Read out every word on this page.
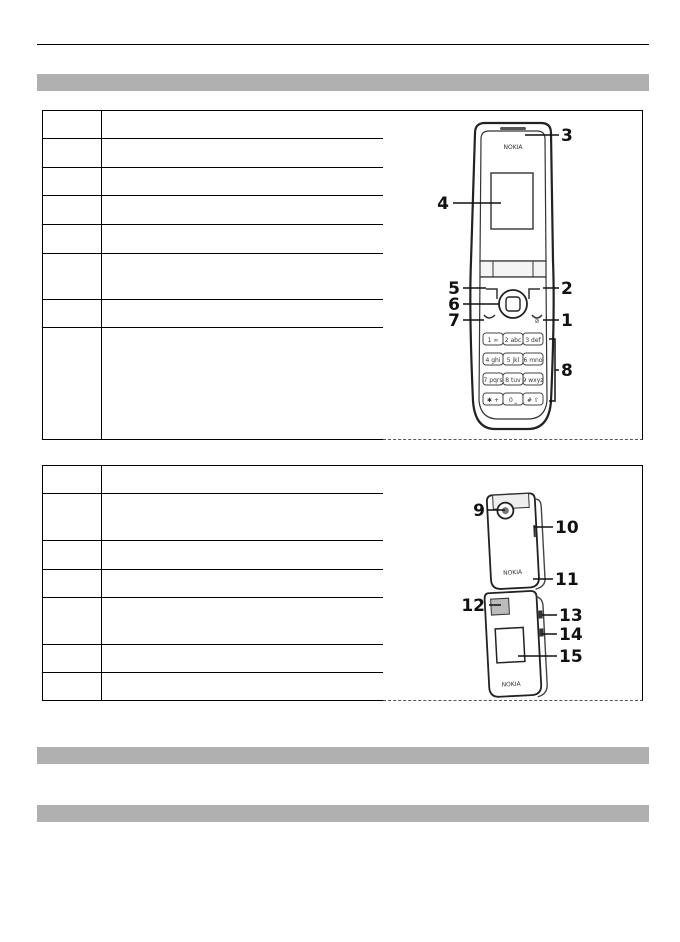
NOKIA
⊘
1 ∞ 2 abc 3 def
4 ghi 5 jkl 6 mno
7 pqrs 8 tuv 9 wxyz
✱ + 0 ⎵ # ⇧
3
4
5	2
6
1
7
8

NOKIA
NOKIA
9
10
11
12	13
14
15
